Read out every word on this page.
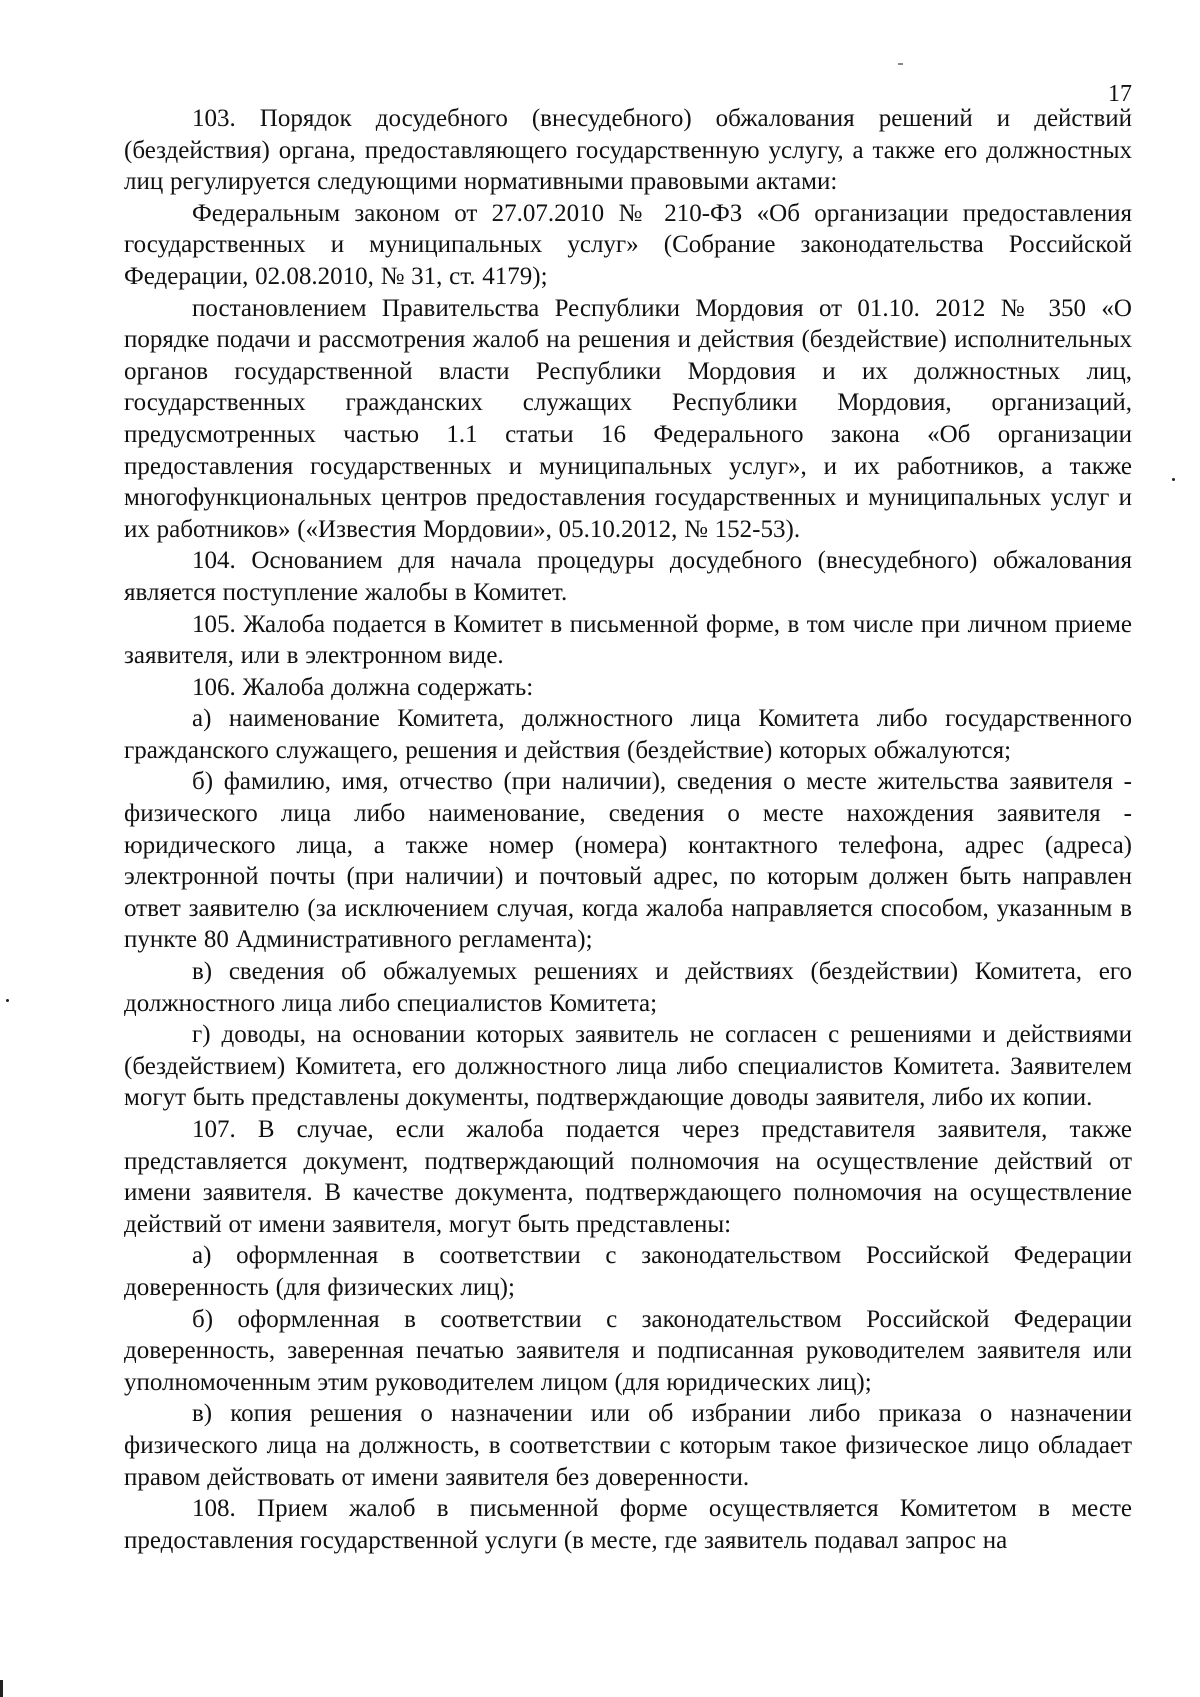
17

103. Порядок досудебного (внесудебного) обжалования решений и действий (бездействия) органа, предоставляющего государственную услугу, а также его должностных лиц регулируется следующими нормативными правовыми актами:

Федеральным законом от 27.07.2010 № 210-ФЗ «Об организации предоставления государственных и муниципальных услуг» (Собрание законодательства Российской Федерации, 02.08.2010, № 31, ст. 4179);

постановлением Правительства Республики Мордовия от 01.10. 2012 № 350 «О порядке подачи и рассмотрения жалоб на решения и действия (бездействие) исполнительных органов государственной власти Республики Мордовия и их должностных лиц, государственных гражданских служащих Республики Мордовия, организаций, предусмотренных частью 1.1 статьи 16 Федерального закона «Об организации предоставления государственных и муниципальных услуг», и их работников, а также многофункциональных центров предоставления государственных и муниципальных услуг и их работников» («Известия Мордовии», 05.10.2012, № 152-53).

104. Основанием для начала процедуры досудебного (внесудебного) обжалования является поступление жалобы в Комитет.

105. Жалоба подается в Комитет в письменной форме, в том числе при личном приеме заявителя, или в электронном виде.

106. Жалоба должна содержать:

а) наименование Комитета, должностного лица Комитета либо государственного гражданского служащего, решения и действия (бездействие) которых обжалуются;

б) фамилию, имя, отчество (при наличии), сведения о месте жительства заявителя - физического лица либо наименование, сведения о месте нахождения заявителя - юридического лица, а также номер (номера) контактного телефона, адрес (адреса) электронной почты (при наличии) и почтовый адрес, по которым должен быть направлен ответ заявителю (за исключением случая, когда жалоба направляется способом, указанным в пункте 80 Административного регламента);

в) сведения об обжалуемых решениях и действиях (бездействии) Комитета, его должностного лица либо специалистов Комитета;

г) доводы, на основании которых заявитель не согласен с решениями и действиями (бездействием) Комитета, его должностного лица либо специалистов Комитета. Заявителем могут быть представлены документы, подтверждающие доводы заявителя, либо их копии.

107. В случае, если жалоба подается через представителя заявителя, также представляется документ, подтверждающий полномочия на осуществление действий от имени заявителя. В качестве документа, подтверждающего полномочия на осуществление действий от имени заявителя, могут быть представлены:

а) оформленная в соответствии с законодательством Российской Федерации доверенность (для физических лиц);

б) оформленная в соответствии с законодательством Российской Федерации доверенность, заверенная печатью заявителя и подписанная руководителем заявителя или уполномоченным этим руководителем лицом (для юридических лиц);

в) копия решения о назначении или об избрании либо приказа о назначении физического лица на должность, в соответствии с которым такое физическое лицо обладает правом действовать от имени заявителя без доверенности.

108. Прием жалоб в письменной форме осуществляется Комитетом в месте предоставления государственной услуги (в месте, где заявитель подавал запрос на
